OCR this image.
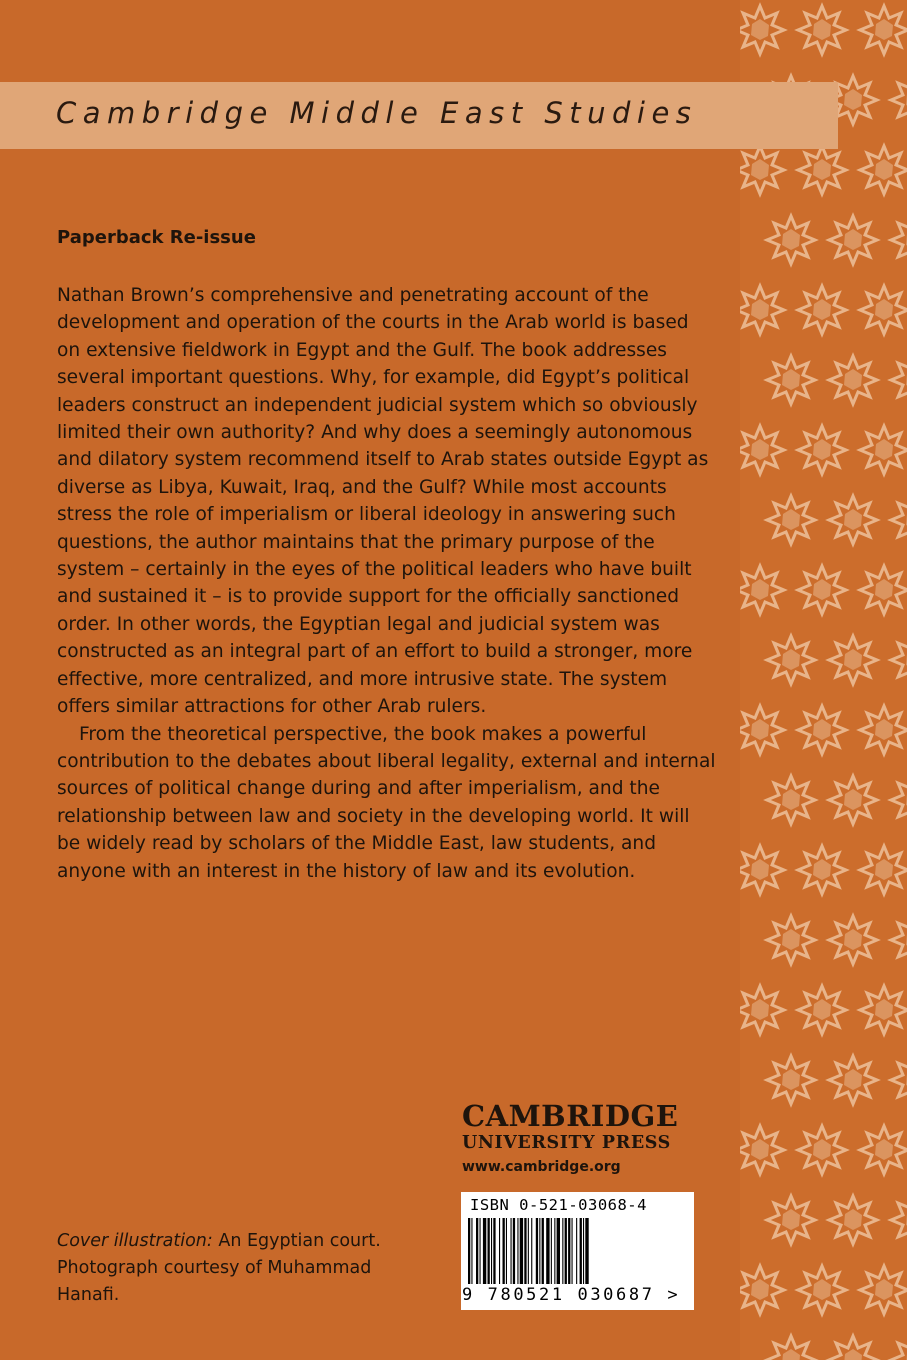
Cambridge Middle East Studies
Paperback Re-issue

Nathan Brown’s comprehensive and penetrating account of the development and operation of the courts in the Arab world is based on extensive fieldwork in Egypt and the Gulf. The book addresses several important questions. Why, for example, did Egypt’s political leaders construct an independent judicial system which so obviously limited their own authority? And why does a seemingly autonomous and dilatory system recommend itself to Arab states outside Egypt as diverse as Libya, Kuwait, Iraq, and the Gulf? While most accounts stress the role of imperialism or liberal ideology in answering such questions, the author maintains that the primary purpose of the system – certainly in the eyes of the political leaders who have built and sustained it – is to provide support for the officially sanctioned order. In other words, the Egyptian legal and judicial system was constructed as an integral part of an effort to build a stronger, more effective, more centralized, and more intrusive state. The system offers similar attractions for other Arab rulers.

From the theoretical perspective, the book makes a powerful contribution to the debates about liberal legality, external and internal sources of political change during and after imperialism, and the relationship between law and society in the developing world. It will be widely read by scholars of the Middle East, law students, and anyone with an interest in the history of law and its evolution.

CAMBRIDGE
UNIVERSITY PRESS
www.cambridge.org
ISBN 0-521-03068-4
9 780521 030687 >
Cover illustration: An Egyptian court. Photograph courtesy of Muhammad Hanafi.
